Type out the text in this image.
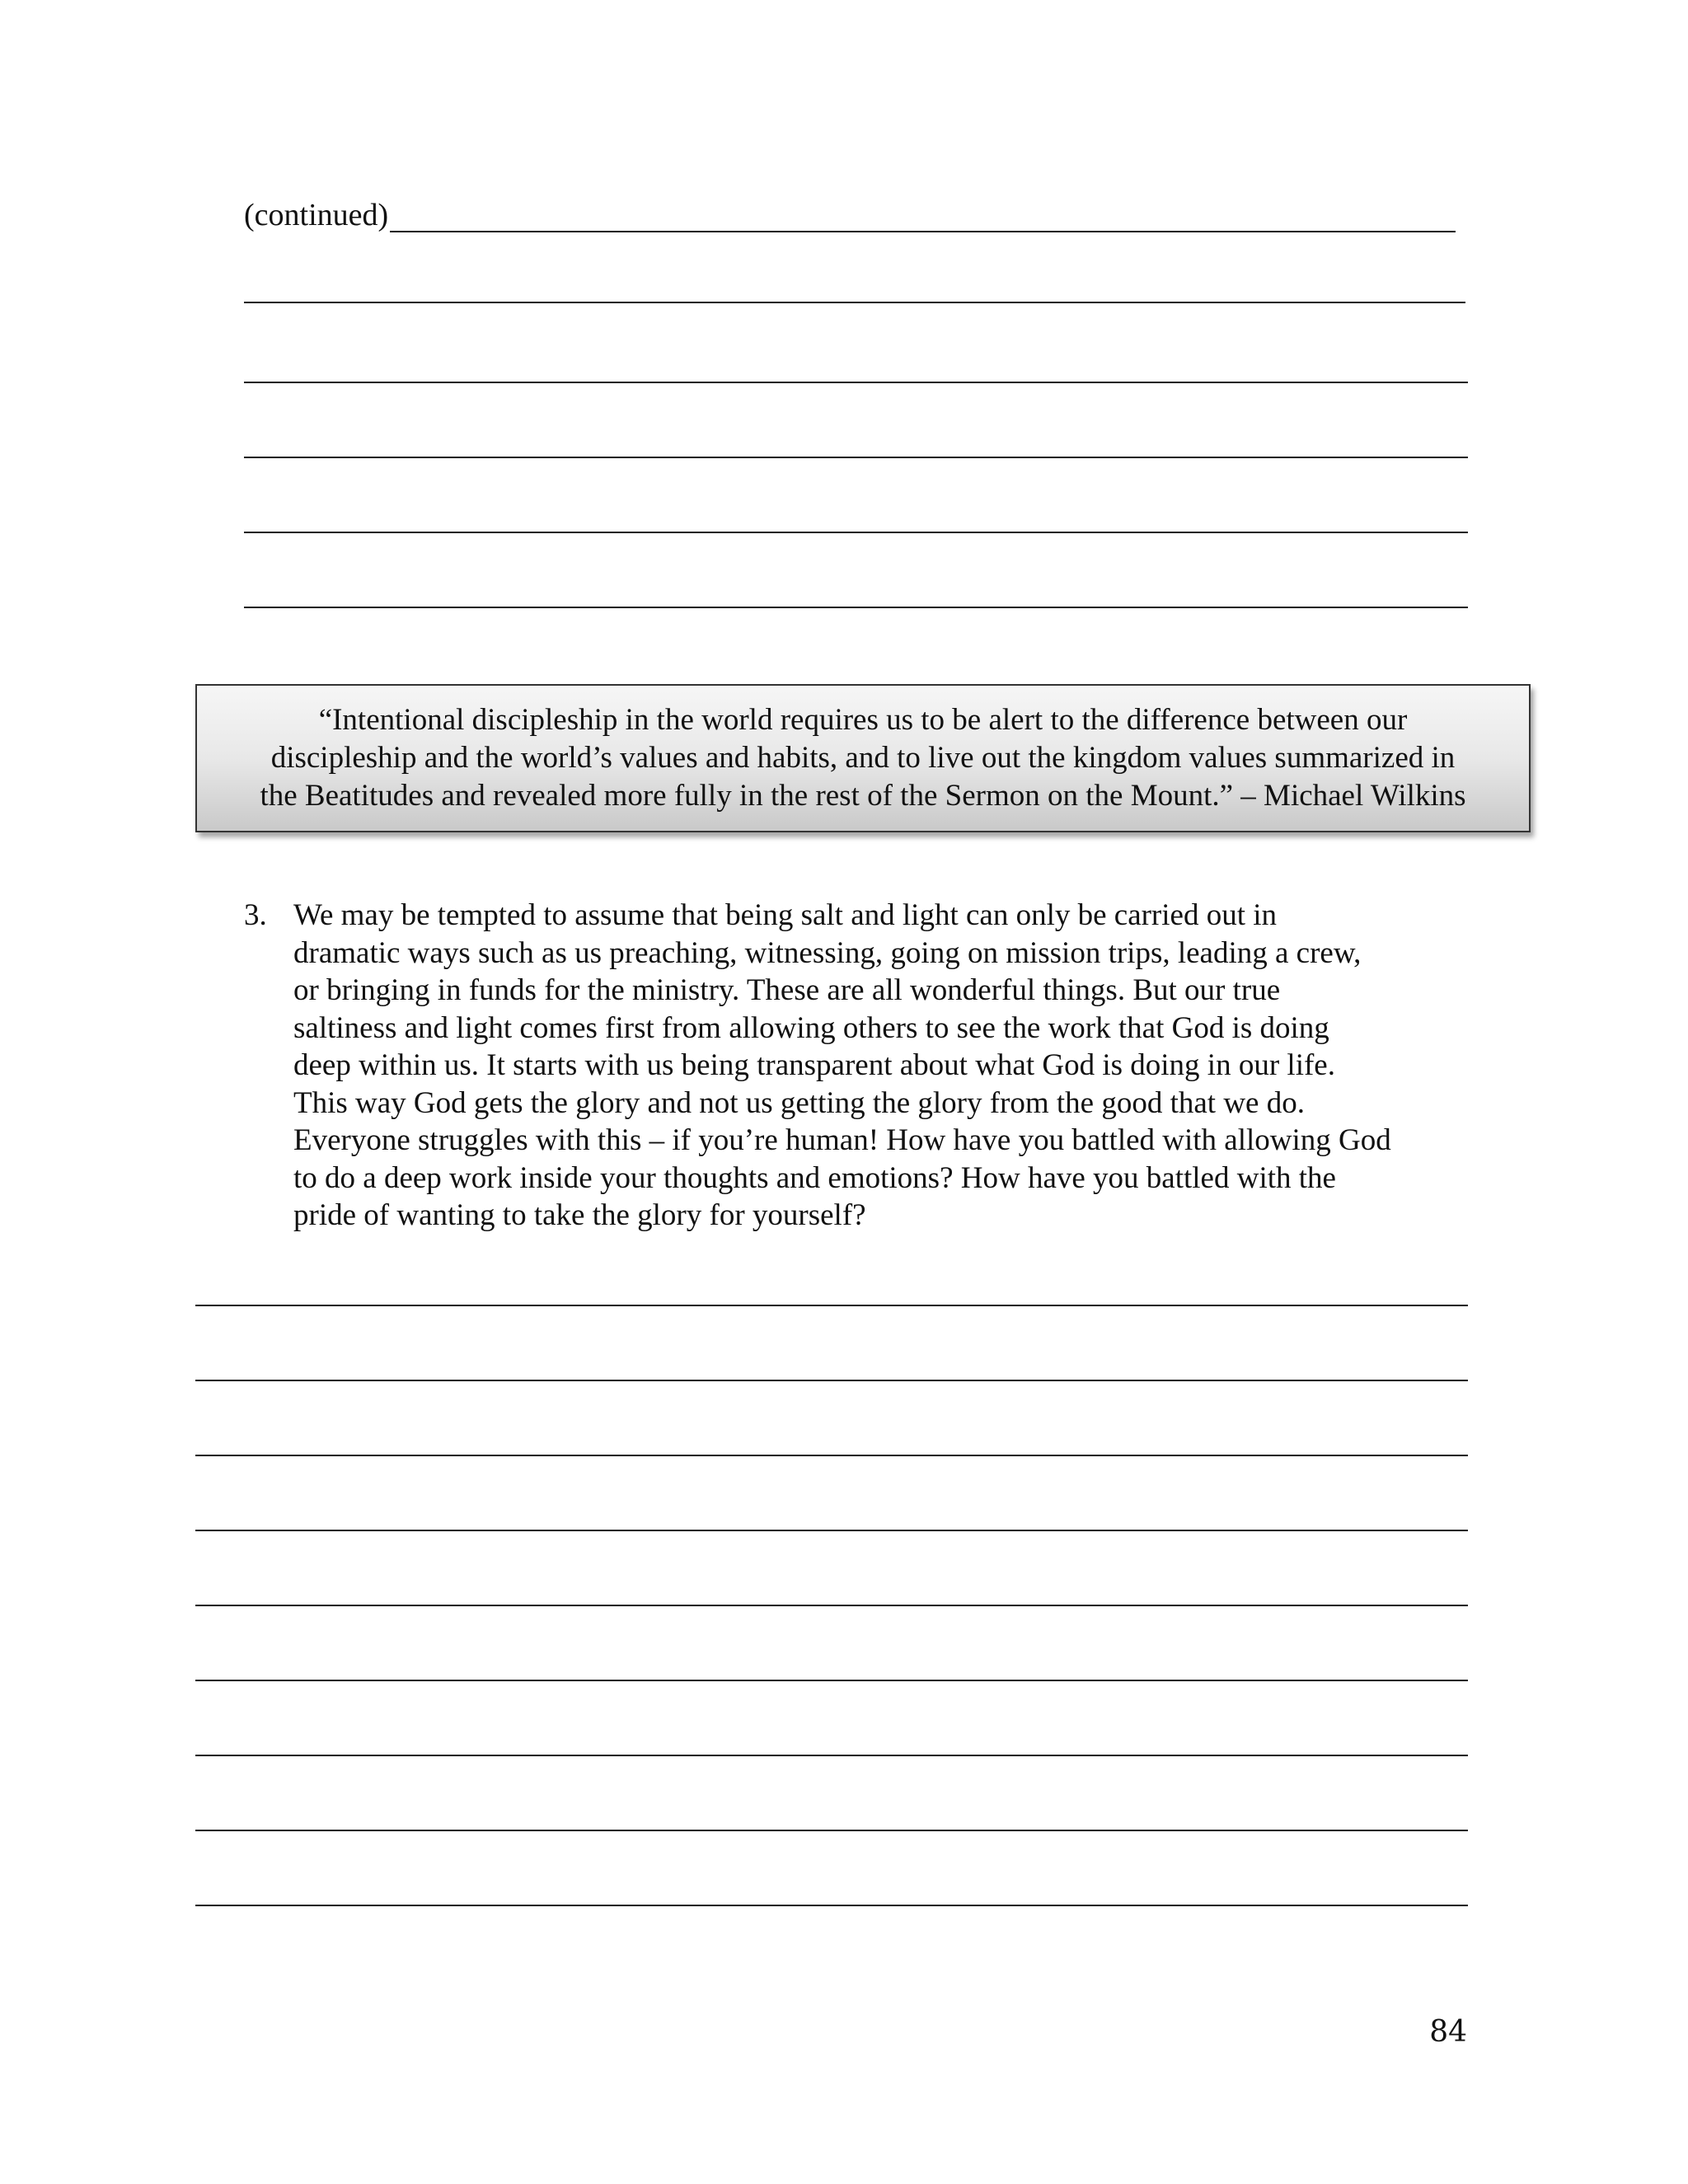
(continued)

“Intentional discipleship in the world requires us to be alert to the difference between our
discipleship and the world’s values and habits, and to live out the kingdom values summarized in
the Beatitudes and revealed more fully in the rest of the Sermon on the Mount.” – Michael Wilkins

3. We may be tempted to assume that being salt and light can only be carried out in
dramatic ways such as us preaching, witnessing, going on mission trips, leading a crew,
or bringing in funds for the ministry. These are all wonderful things. But our true
saltiness and light comes first from allowing others to see the work that God is doing
deep within us. It starts with us being transparent about what God is doing in our life.
This way God gets the glory and not us getting the glory from the good that we do.
Everyone struggles with this – if you’re human! How have you battled with allowing God
to do a deep work inside your thoughts and emotions? How have you battled with the
pride of wanting to take the glory for yourself?

84
